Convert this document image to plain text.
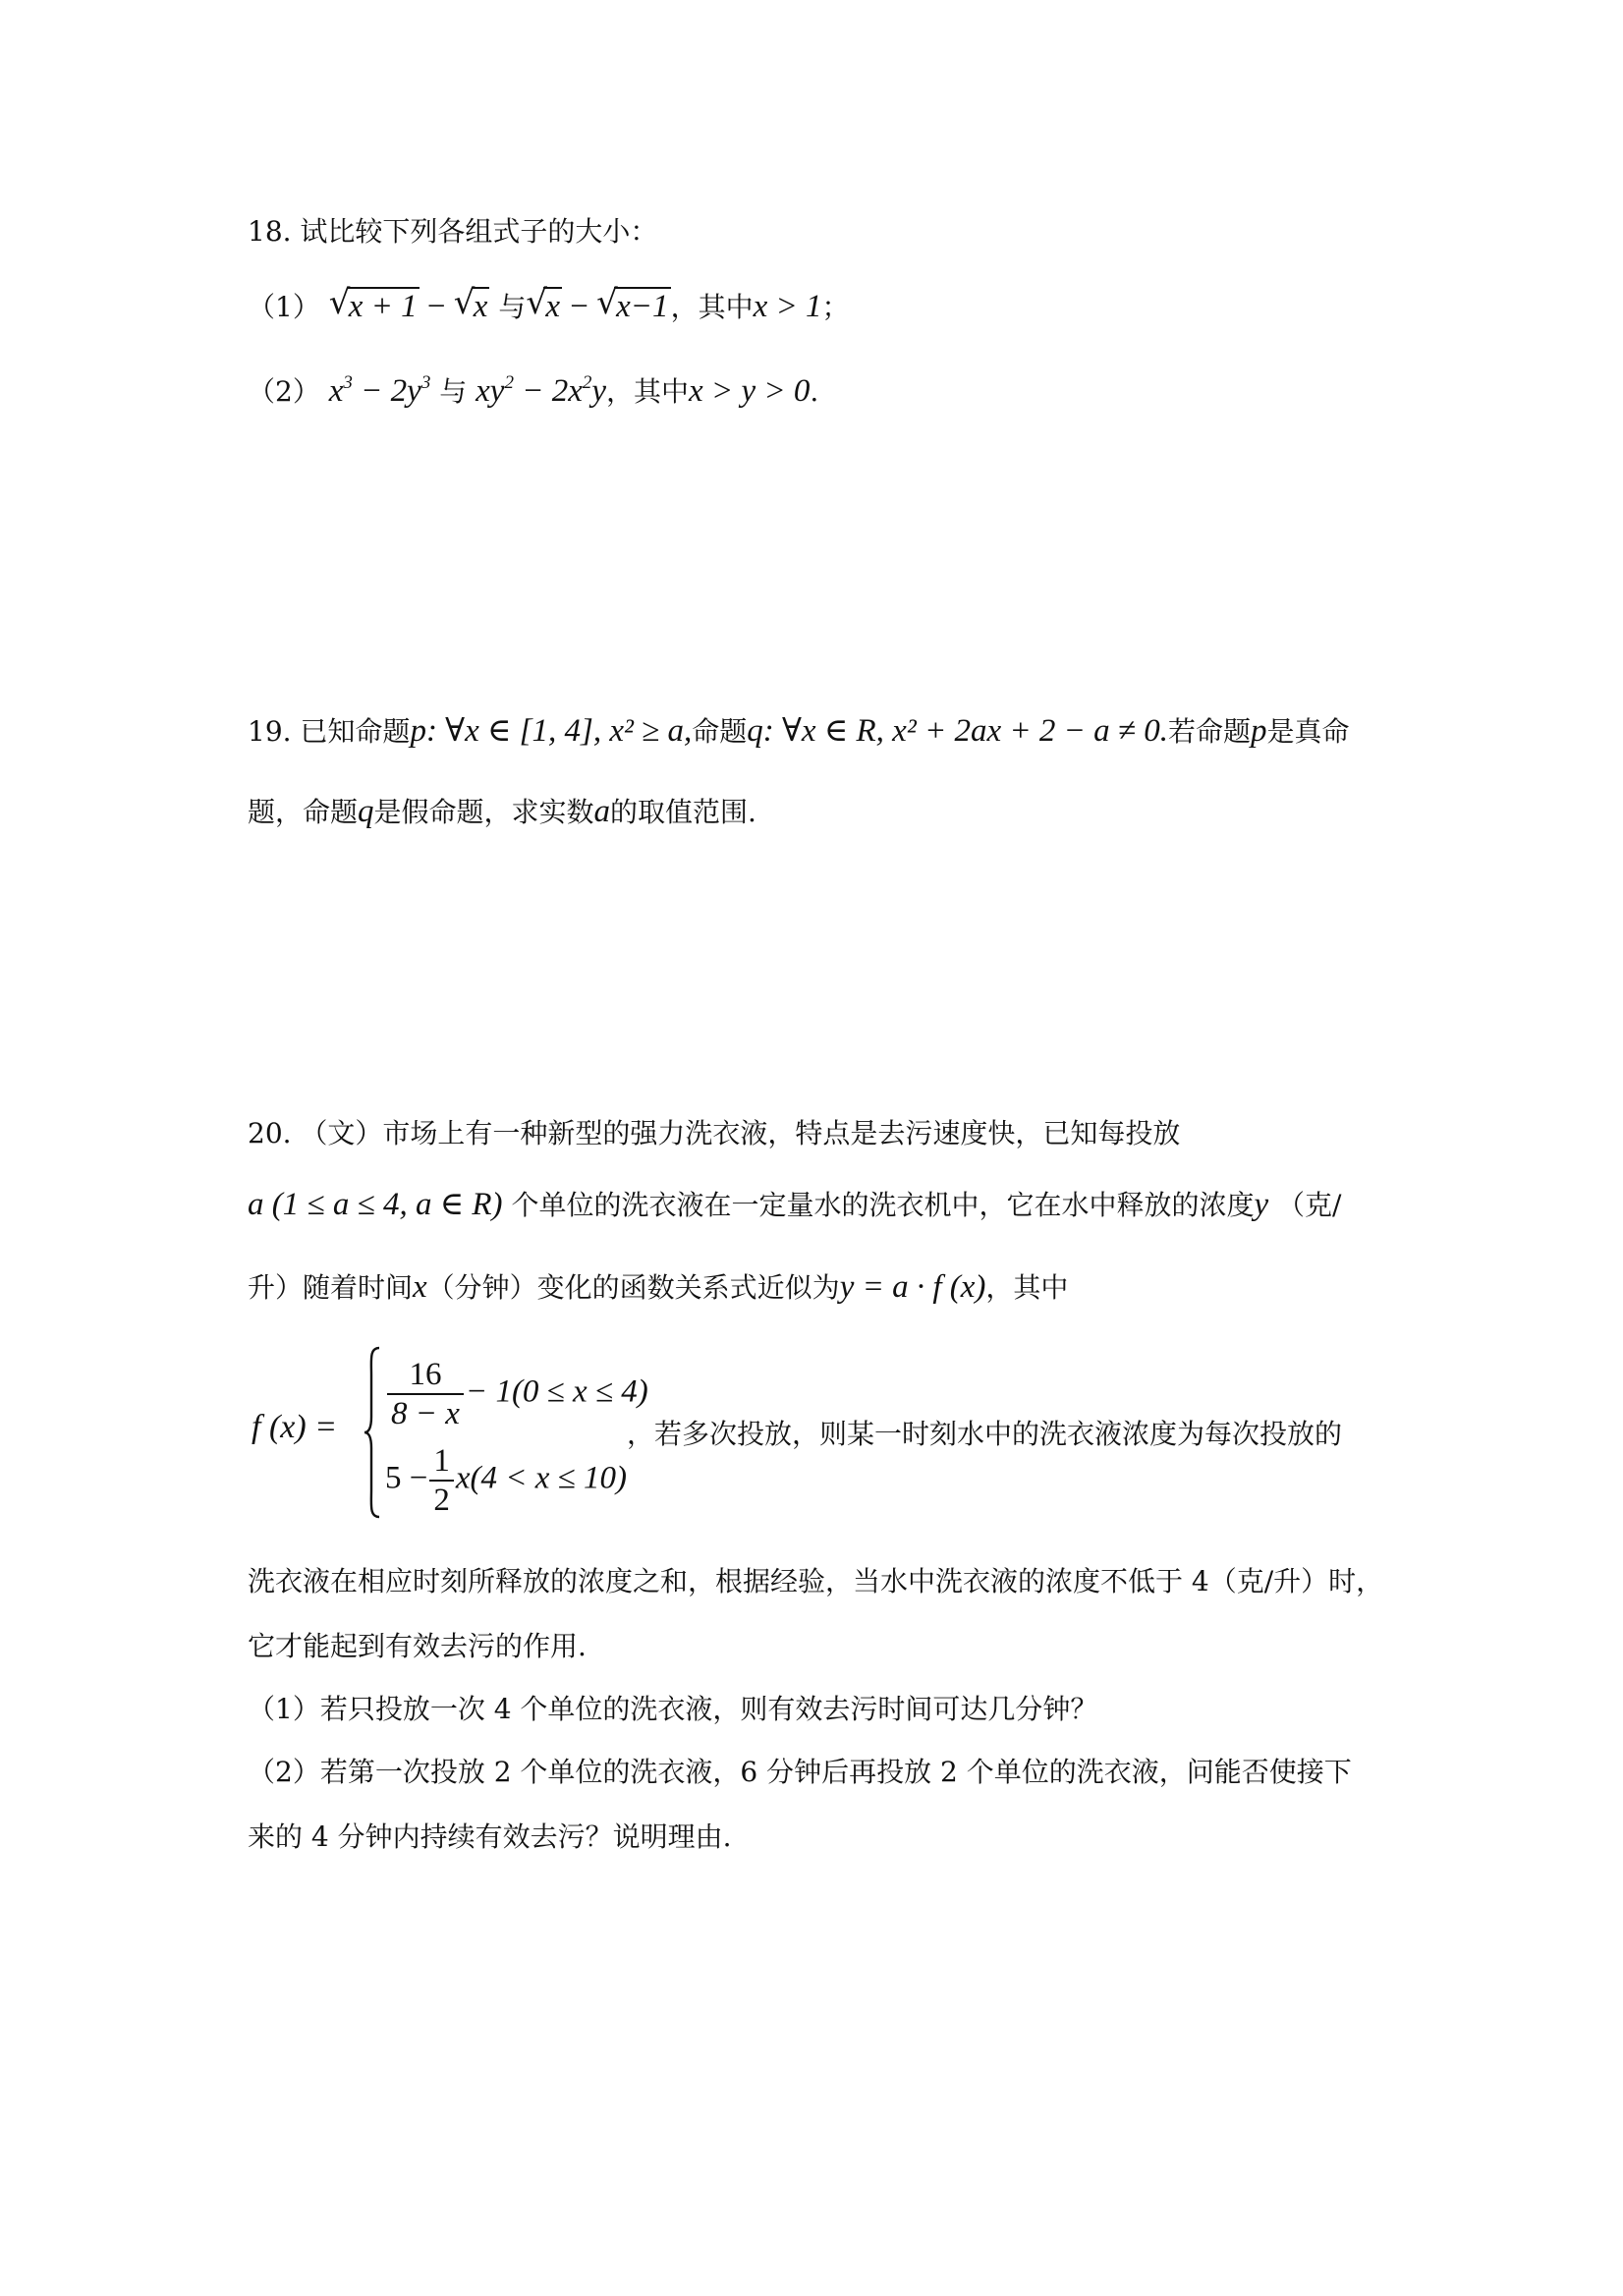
18. 试比较下列各组式子的大小：
（1） √
x + 1 − √
x 与 √
x − √
x−1，其中x > 1；
（2） $x^3 - 2y^3$ 与 $xy^2 - 2x^2y$，其中x > y > 0.
19. 已知命题p: ∀x ∈ [1, 4], x² ≥ a,命题q: ∀x ∈ R, x² + 2ax + 2 − a ≠ 0.若命题p是真命
题，命题q是假命题，求实数a的取值范围.
20. （文）市场上有一种新型的强力洗衣液，特点是去污速度快，已知每投放
a (1 ≤ a ≤ 4, a ∈ R) 个单位的洗衣液在一定量水的洗衣机中，它在水中释放的浓度y （克/
升）随着时间x（分钟）变化的函数关系式近似为y = a · f (x)，其中
f $(x) = \frac{16}{8 - x} - 1(0 \le x \le 4)$
$5 - \frac{1}{2} x(4 < x \le 10)$
，若多次投放，则某一时刻水中的洗衣液浓度为每次投放的
洗衣液在相应时刻所释放的浓度之和，根据经验，当水中洗衣液的浓度不低于 4（克/升）时，
它才能起到有效去污的作用.
（1）若只投放一次 4 个单位的洗衣液，则有效去污时间可达几分钟？
（2）若第一次投放 2 个单位的洗衣液，6 分钟后再投放 2 个单位的洗衣液，问能否使接下
来的 4 分钟内持续有效去污？说明理由.
